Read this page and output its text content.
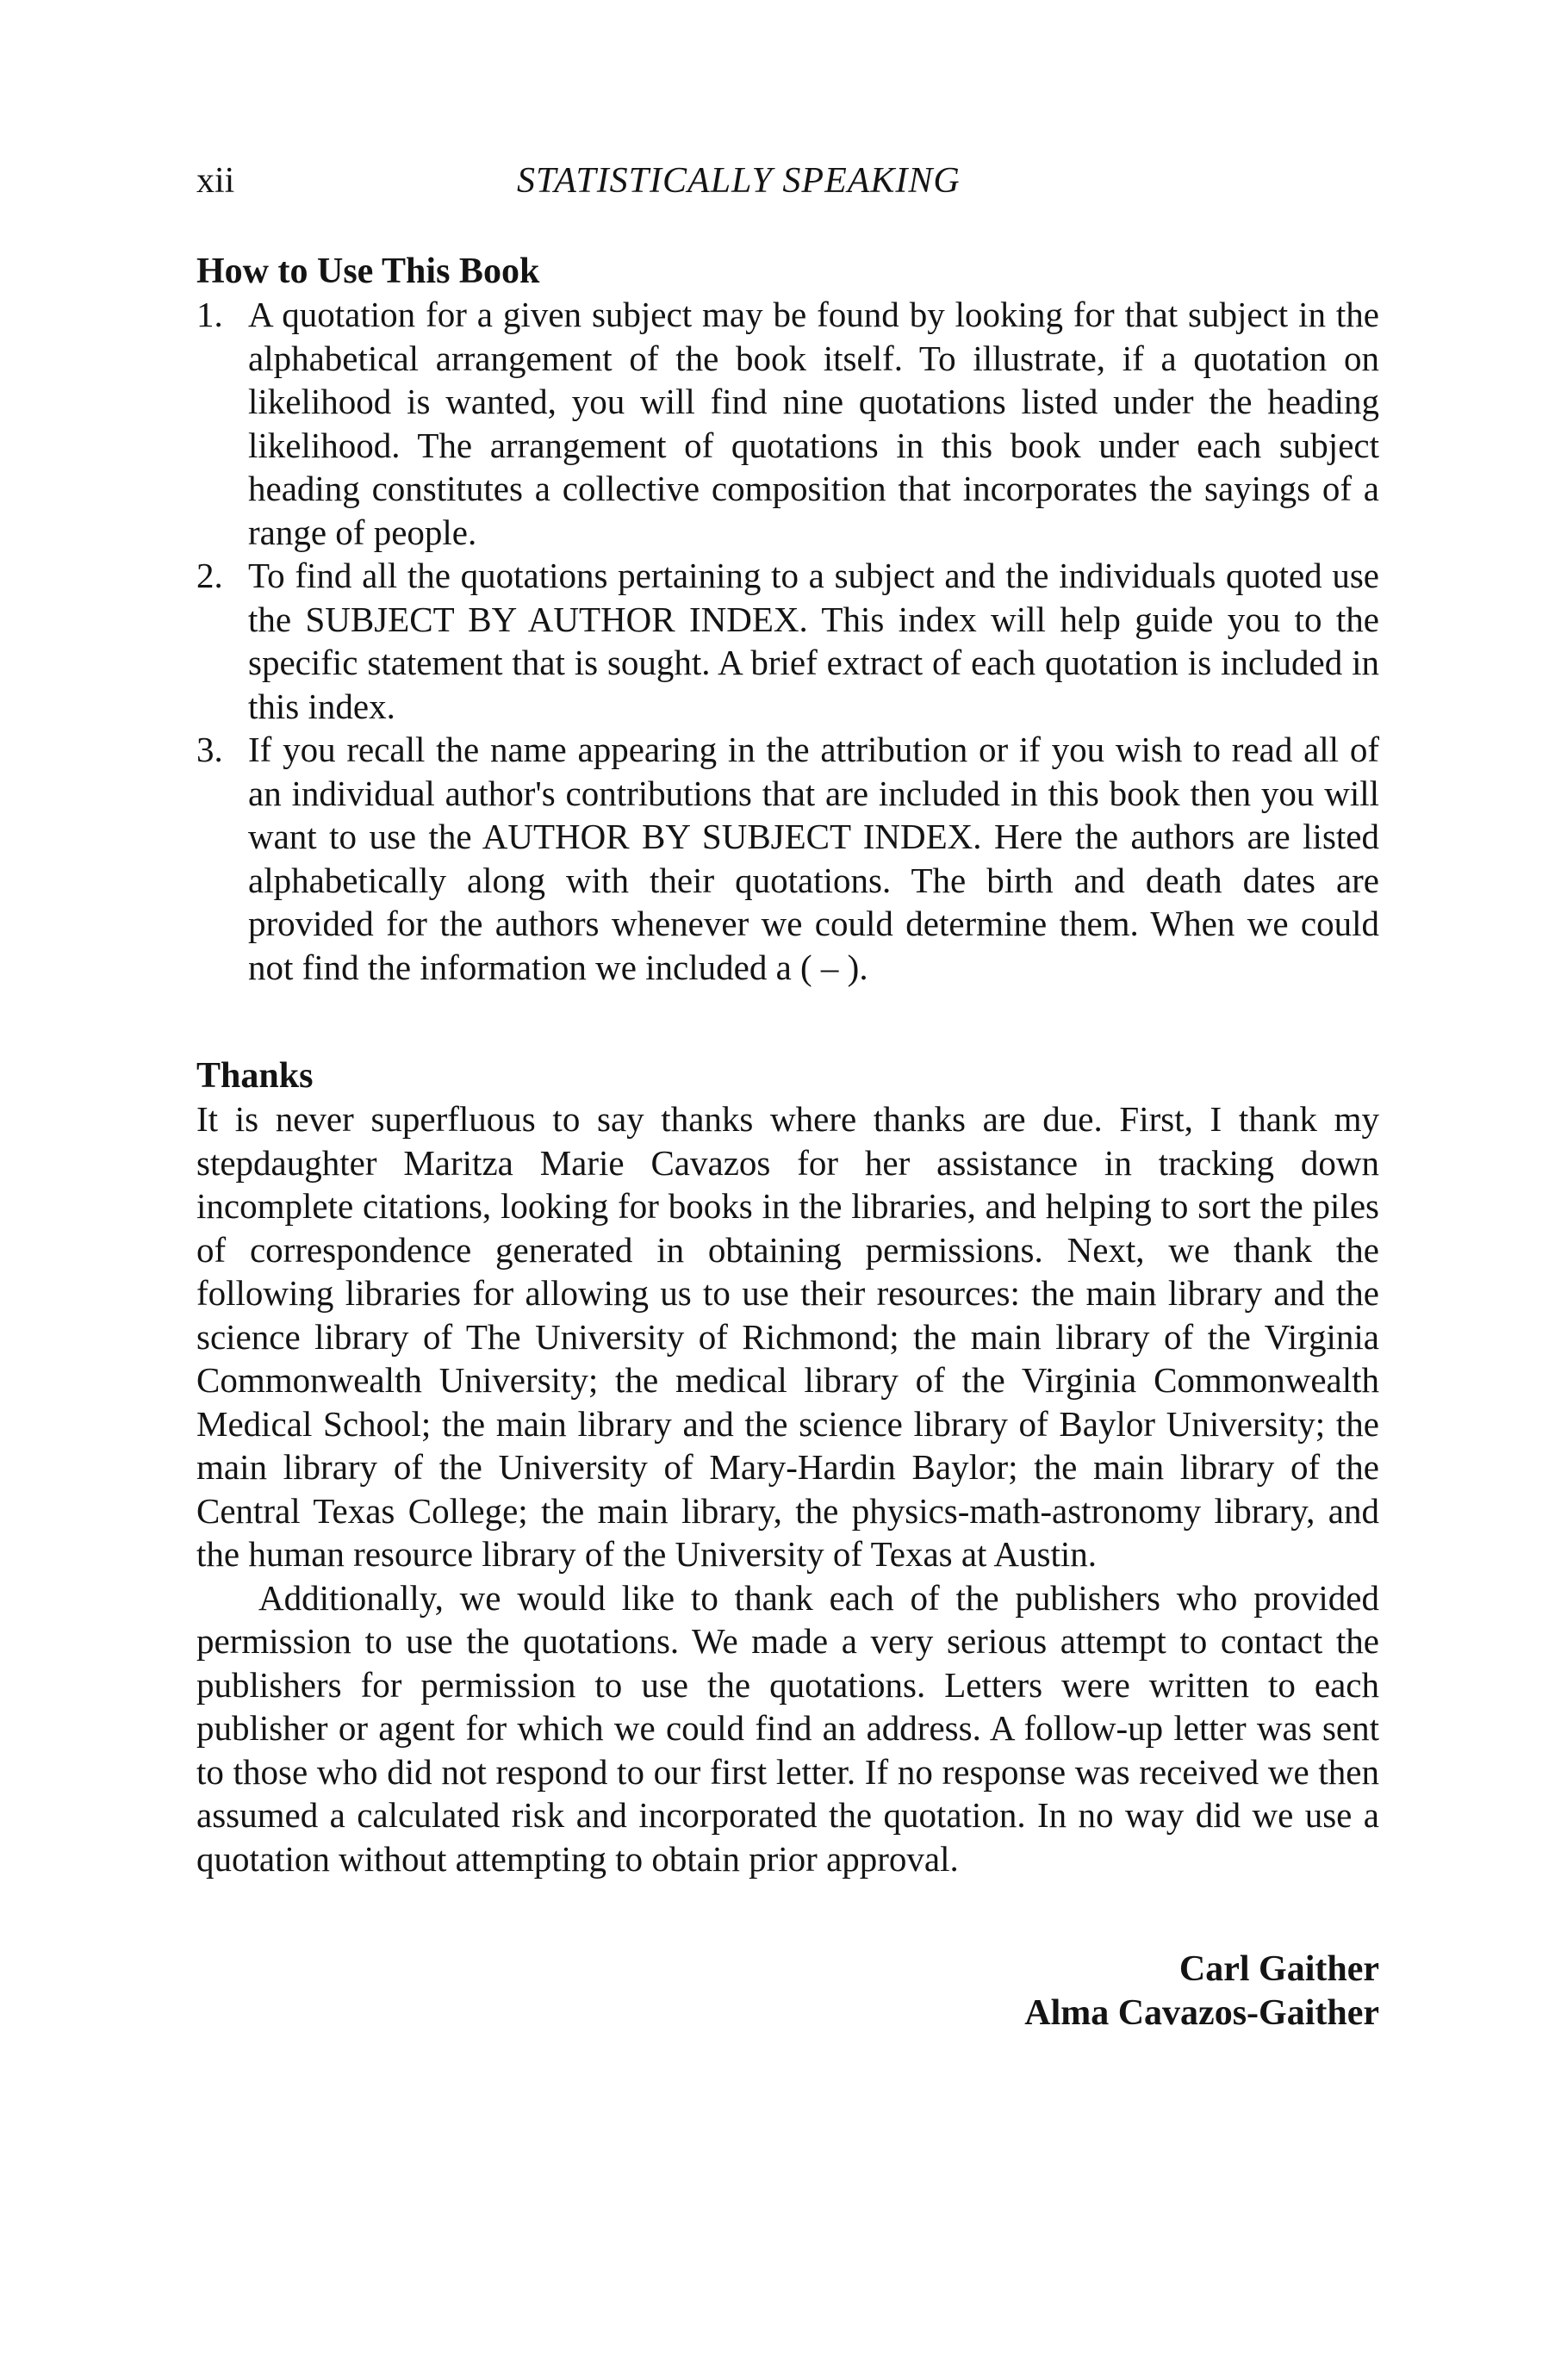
xii	STATISTICALLY SPEAKING
How to Use This Book
1. A quotation for a given subject may be found by looking for that subject in the alphabetical arrangement of the book itself. To illustrate, if a quotation on likelihood is wanted, you will find nine quotations listed under the heading likelihood. The arrangement of quotations in this book under each subject heading constitutes a collective composition that incorporates the sayings of a range of people.

2. To find all the quotations pertaining to a subject and the individuals quoted use the SUBJECT BY AUTHOR INDEX. This index will help guide you to the specific statement that is sought. A brief extract of each quotation is included in this index.

3. If you recall the name appearing in the attribution or if you wish to read all of an individual author's contributions that are included in this book then you will want to use the AUTHOR BY SUBJECT INDEX. Here the authors are listed alphabetically along with their quotations. The birth and death dates are provided for the authors whenever we could determine them. When we could not find the information we included a ( – ).

Thanks

It is never superfluous to say thanks where thanks are due. First, I thank my stepdaughter Maritza Marie Cavazos for her assistance in tracking down incomplete citations, looking for books in the libraries, and helping to sort the piles of correspondence generated in obtaining permissions. Next, we thank the following libraries for allowing us to use their resources: the main library and the science library of The University of Richmond; the main library of the Virginia Commonwealth University; the medical library of the Virginia Commonwealth Medical School; the main library and the science library of Baylor University; the main library of the University of Mary-Hardin Baylor; the main library of the Central Texas College; the main library, the physics-math-astronomy library, and the human resource library of the University of Texas at Austin.

Additionally, we would like to thank each of the publishers who provided permission to use the quotations. We made a very serious attempt to contact the publishers for permission to use the quotations. Letters were written to each publisher or agent for which we could find an address. A follow-up letter was sent to those who did not respond to our first letter. If no response was received we then assumed a calculated risk and incorporated the quotation. In no way did we use a quotation without attempting to obtain prior approval.

Carl Gaither
Alma Cavazos-Gaither
